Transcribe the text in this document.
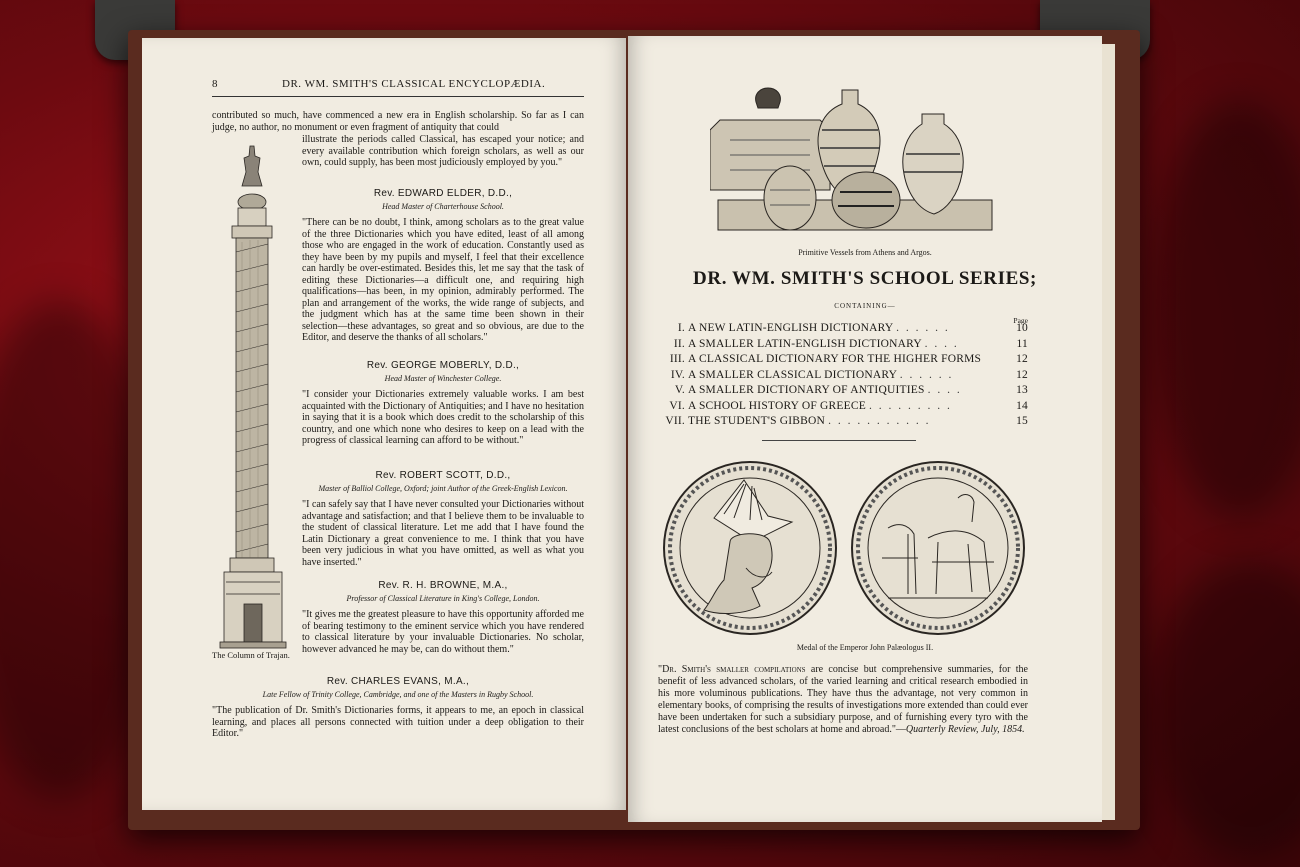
8	DR. WM. SMITH'S CLASSICAL ENCYCLOPÆDIA.
contributed so much, have commenced a new era in English scholarship. So far as I can judge, no author, no monument or even fragment of antiquity that could
illustrate the periods called Classical, has escaped your notice; and every available contribution which foreign scholars, as well as our own, could supply, has been most judiciously employed by you."
The Column of Trajan.
Rev. EDWARD ELDER, D.D.,
Head Master of Charterhouse School.
"There can be no doubt, I think, among scholars as to the great value of the three Dictionaries which you have edited, least of all among those who are engaged in the work of education. Constantly used as they have been by my pupils and myself, I feel that their excellence can hardly be over-estimated. Besides this, let me say that the task of editing these Dictionaries—a difficult one, and requiring high qualifications—has been, in my opinion, admirably performed. The plan and arrangement of the works, the wide range of subjects, and the judgment which has at the same time been shown in their selection—these advantages, so great and so obvious, are due to the Editor, and deserve the thanks of all scholars."
Rev. GEORGE MOBERLY, D.D.,
Head Master of Winchester College.
"I consider your Dictionaries extremely valuable works. I am best acquainted with the Dictionary of Antiquities; and I have no hesitation in saying that it is a book which does credit to the scholarship of this country, and one which none who desires to keep on a lead with the progress of classical learning can afford to be without."
Rev. ROBERT SCOTT, D.D.,
Master of Balliol College, Oxford; joint Author of the Greek-English Lexicon.
"I can safely say that I have never consulted your Dictionaries without advantage and satisfaction; and that I believe them to be invaluable to the student of classical literature. Let me add that I have found the Latin Dictionary a great convenience to me. I think that you have been very judicious in what you have omitted, as well as what you have inserted."
Rev. R. H. BROWNE, M.A.,
Professor of Classical Literature in King's College, London.
"It gives me the greatest pleasure to have this opportunity afforded me of bearing testimony to the eminent service which you have rendered to classical literature by your invaluable Dictionaries. No scholar, however advanced he may be, can do without them."
Rev. CHARLES EVANS, M.A.,
Late Fellow of Trinity College, Cambridge, and one of the Masters in Rugby School.
"The publication of Dr. Smith's Dictionaries forms, it appears to me, an epoch in classical learning, and places all persons connected with tuition under a deep obligation to their Editor."
Primitive Vessels from Athens and Argos.
DR. WM. SMITH'S SCHOOL SERIES;
CONTAINING—
Page
I. A NEW LATIN-ENGLISH DICTIONARY . . . . . .	10
II. A SMALLER LATIN-ENGLISH DICTIONARY . . . .	11
III. A CLASSICAL DICTIONARY FOR THE HIGHER FORMS	12
IV. A SMALLER CLASSICAL DICTIONARY . . . . . .	12
V. A SMALLER DICTIONARY OF ANTIQUITIES . . . .	13
VI. A SCHOOL HISTORY OF GREECE . . . . . . . . .	14
VII. THE STUDENT'S GIBBON . . . . . . . . . . .	15
Medal of the Emperor John Palæologus II.
"Dr. Smith's smaller compilations are concise but comprehensive summaries, for the benefit of less advanced scholars, of the varied learning and critical research embodied in his more voluminous publications. They have thus the advantage, not very common in elementary books, of comprising the results of investigations more extended than could ever have been undertaken for such a subsidiary purpose, and of furnishing every tyro with the latest conclusions of the best scholars at home and abroad."—Quarterly Review, July, 1854.
